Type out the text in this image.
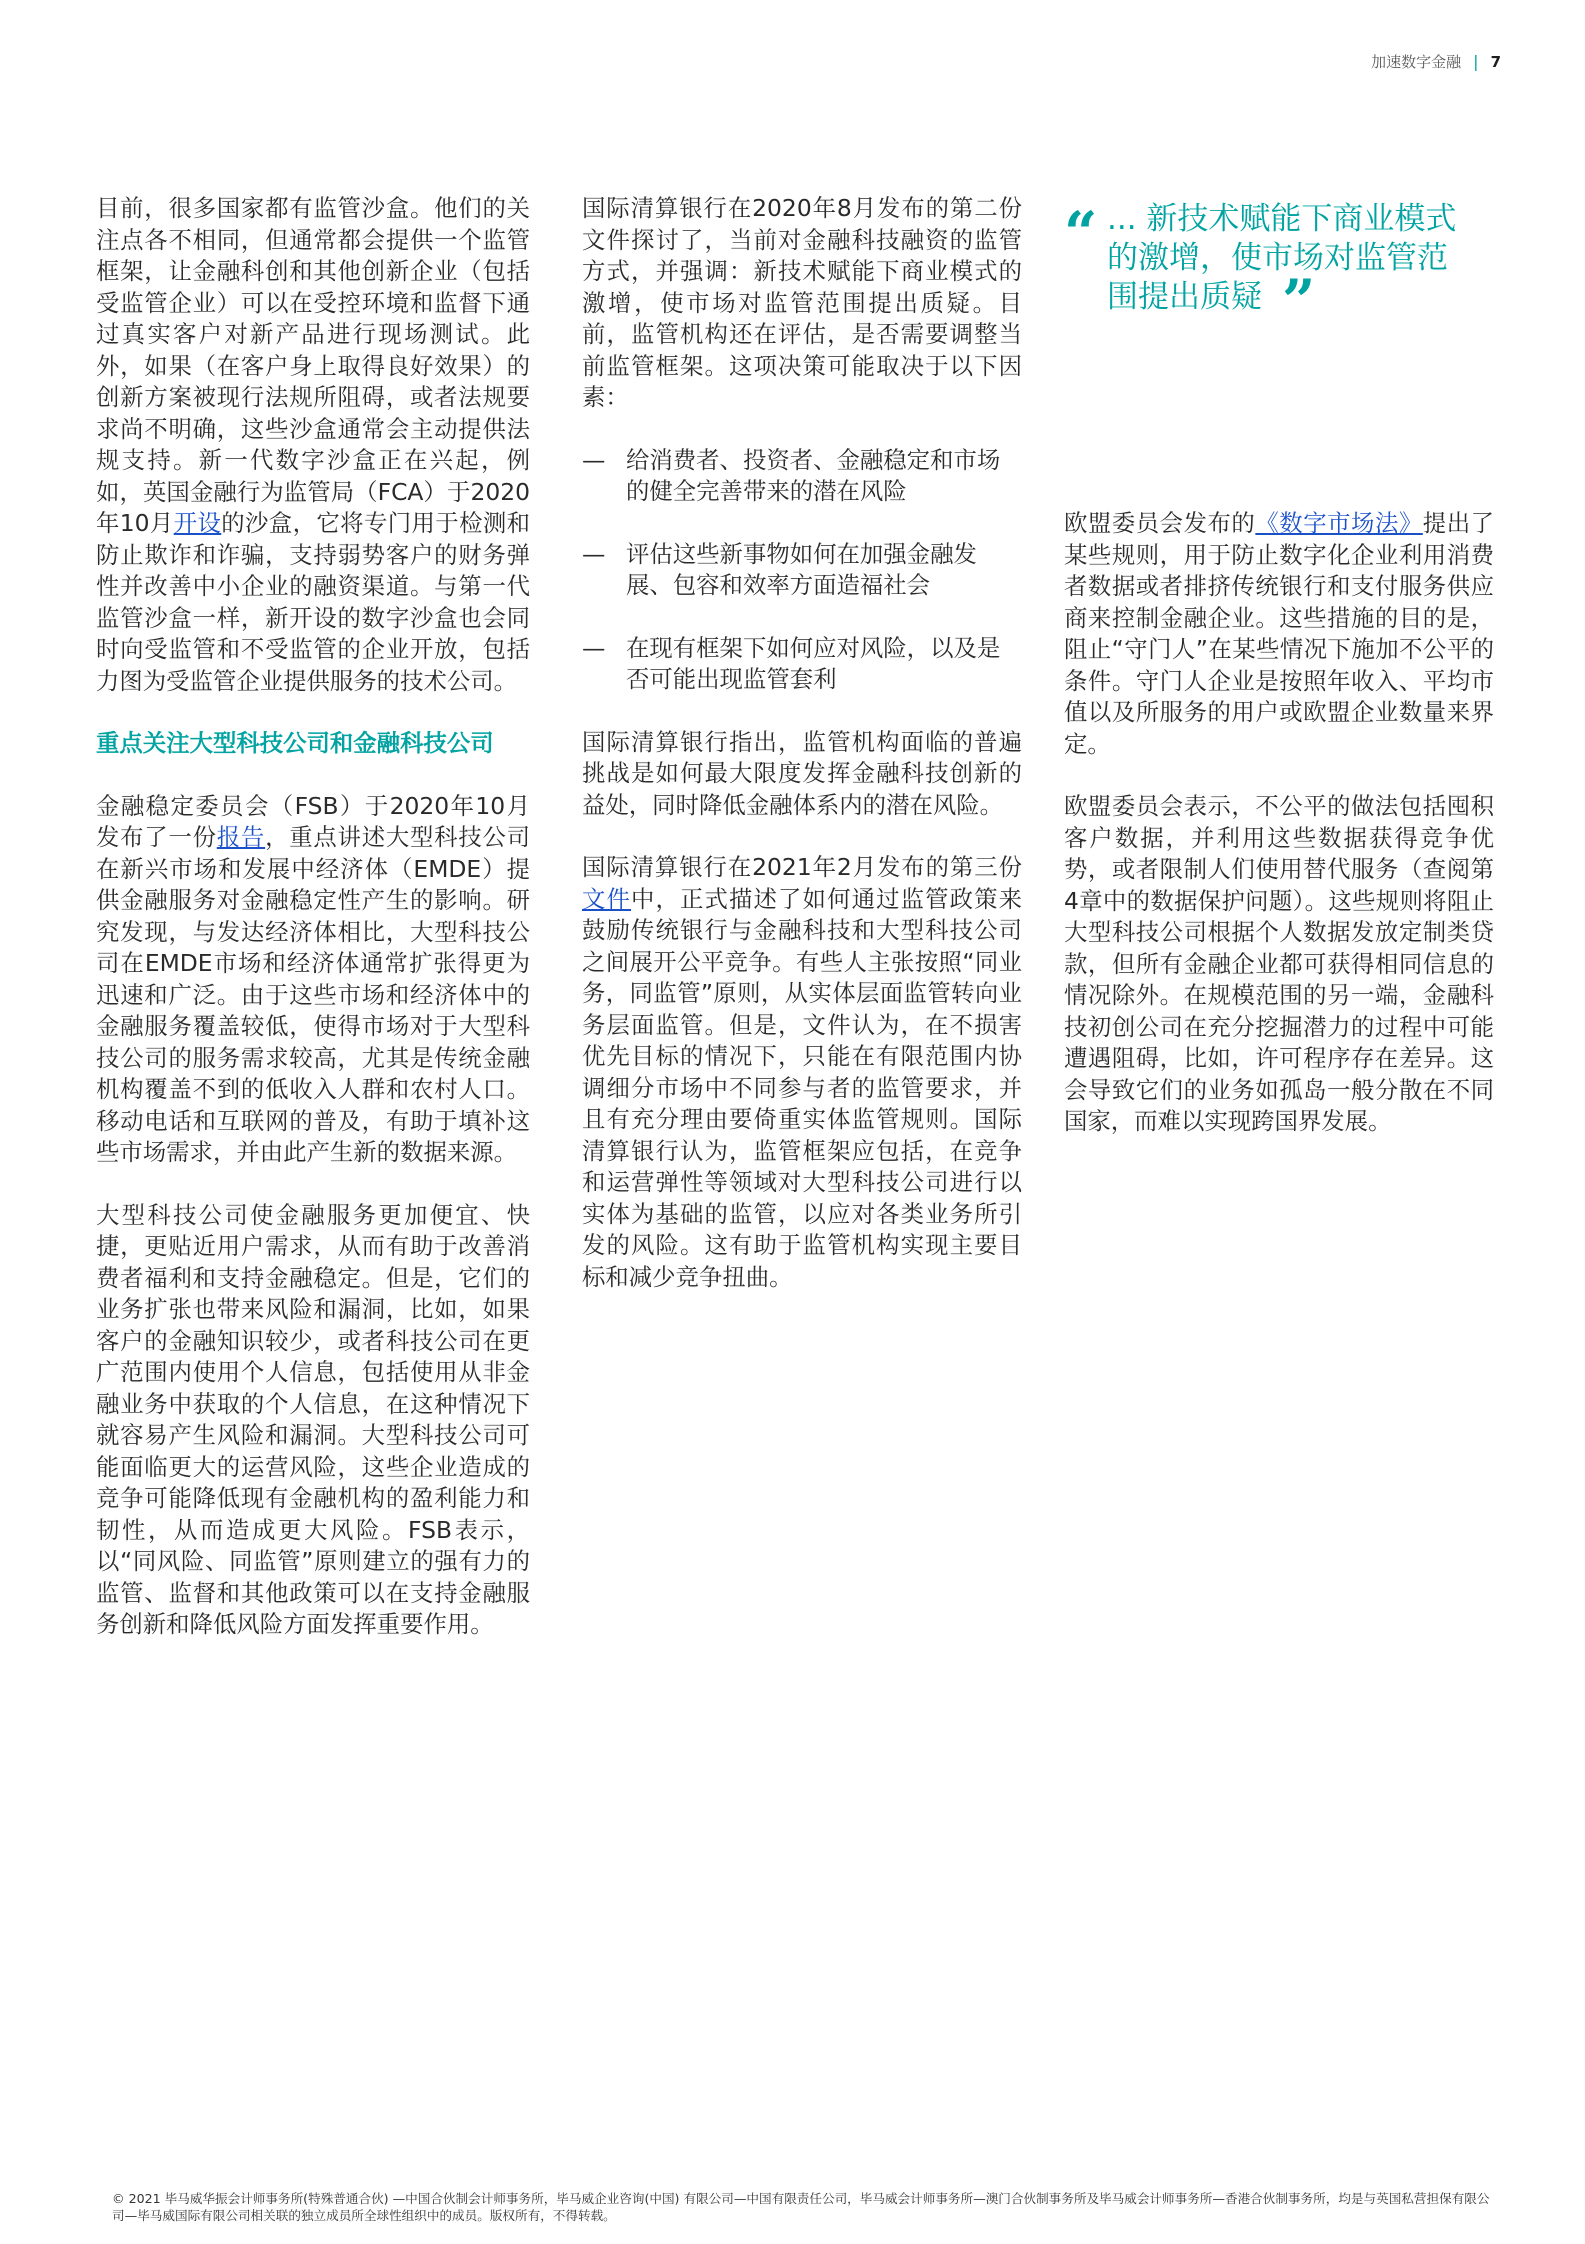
加速数字金融 | 7

目前，很多国家都有监管沙盒。他们的关注点各不相同，但通常都会提供一个监管框架，让金融科创和其他创新企业（包括受监管企业）可以在受控环境和监督下通过真实客户对新产品进行现场测试。此外，如果（在客户身上取得良好效果）的创新方案被现行法规所阻碍，或者法规要求尚不明确，这些沙盒通常会主动提供法规支持。新一代数字沙盒正在兴起，例如，英国金融行为监管局（FCA）于2020年10月开设的沙盒，它将专门用于检测和防止欺诈和诈骗，支持弱势客户的财务弹性并改善中小企业的融资渠道。与第一代监管沙盒一样，新开设的数字沙盒也会同时向受监管和不受监管的企业开放，包括力图为受监管企业提供服务的技术公司。

重点关注大型科技公司和金融科技公司

金融稳定委员会（FSB）于2020年10月发布了一份报告，重点讲述大型科技公司在新兴市场和发展中经济体（EMDE）提供金融服务对金融稳定性产生的影响。研究发现，与发达经济体相比，大型科技公司在EMDE市场和经济体通常扩张得更为迅速和广泛。由于这些市场和经济体中的金融服务覆盖较低，使得市场对于大型科技公司的服务需求较高，尤其是传统金融机构覆盖不到的低收入人群和农村人口。移动电话和互联网的普及，有助于填补这些市场需求，并由此产生新的数据来源。

大型科技公司使金融服务更加便宜、快捷，更贴近用户需求，从而有助于改善消费者福利和支持金融稳定。但是，它们的业务扩张也带来风险和漏洞，比如，如果客户的金融知识较少，或者科技公司在更广范围内使用个人信息，包括使用从非金融业务中获取的个人信息，在这种情况下就容易产生风险和漏洞。大型科技公司可能面临更大的运营风险，这些企业造成的竞争可能降低现有金融机构的盈利能力和韧性，从而造成更大风险。FSB表示，以“同风险、同监管”原则建立的强有力的监管、监督和其他政策可以在支持金融服务创新和降低风险方面发挥重要作用。

国际清算银行在2020年8月发布的第二份文件探讨了，当前对金融科技融资的监管方式，并强调：新技术赋能下商业模式的激增，使市场对监管范围提出质疑。目前，监管机构还在评估，是否需要调整当前监管框架。这项决策可能取决于以下因素：

— 给消费者、投资者、金融稳定和市场的健全完善带来的潜在风险
— 评估这些新事物如何在加强金融发展、包容和效率方面造福社会
— 在现有框架下如何应对风险，以及是否可能出现监管套利

国际清算银行指出，监管机构面临的普遍挑战是如何最大限度发挥金融科技创新的益处，同时降低金融体系内的潜在风险。

国际清算银行在2021年2月发布的第三份文件中，正式描述了如何通过监管政策来鼓励传统银行与金融科技和大型科技公司之间展开公平竞争。有些人主张按照“同业务，同监管”原则，从实体层面监管转向业务层面监管。但是，文件认为，在不损害优先目标的情况下，只能在有限范围内协调细分市场中不同参与者的监管要求，并且有充分理由要倚重实体监管规则。国际清算银行认为，监管框架应包括，在竞争和运营弹性等领域对大型科技公司进行以实体为基础的监管，以应对各类业务所引发的风险。这有助于监管机构实现主要目标和减少竞争扭曲。

“ ... 新技术赋能下商业模式的激增，使市场对监管范围提出质疑 ”

欧盟委员会发布的《数字市场法》提出了某些规则，用于防止数字化企业利用消费者数据或者排挤传统银行和支付服务供应商来控制金融企业。这些措施的目的是，阻止“守门人”在某些情况下施加不公平的条件。守门人企业是按照年收入、平均市值以及所服务的用户或欧盟企业数量来界定。

欧盟委员会表示，不公平的做法包括囤积客户数据，并利用这些数据获得竞争优势，或者限制人们使用替代服务（查阅第4章中的数据保护问题）。这些规则将阻止大型科技公司根据个人数据发放定制类贷款，但所有金融企业都可获得相同信息的情况除外。在规模范围的另一端，金融科技初创公司在充分挖掘潜力的过程中可能遭遇阻碍，比如，许可程序存在差异。这会导致它们的业务如孤岛一般分散在不同国家，而难以实现跨国界发展。

© 2021 毕马威华振会计师事务所(特殊普通合伙) —中国合伙制会计师事务所，毕马威企业咨询(中国) 有限公司—中国有限责任公司，毕马威会计师事务所—澳门合伙制事务所及毕马威会计师事务所—香港合伙制事务所，均是与英国私营担保有限公司—毕马威国际有限公司相关联的独立成员所全球性组织中的成员。版权所有，不得转载。
